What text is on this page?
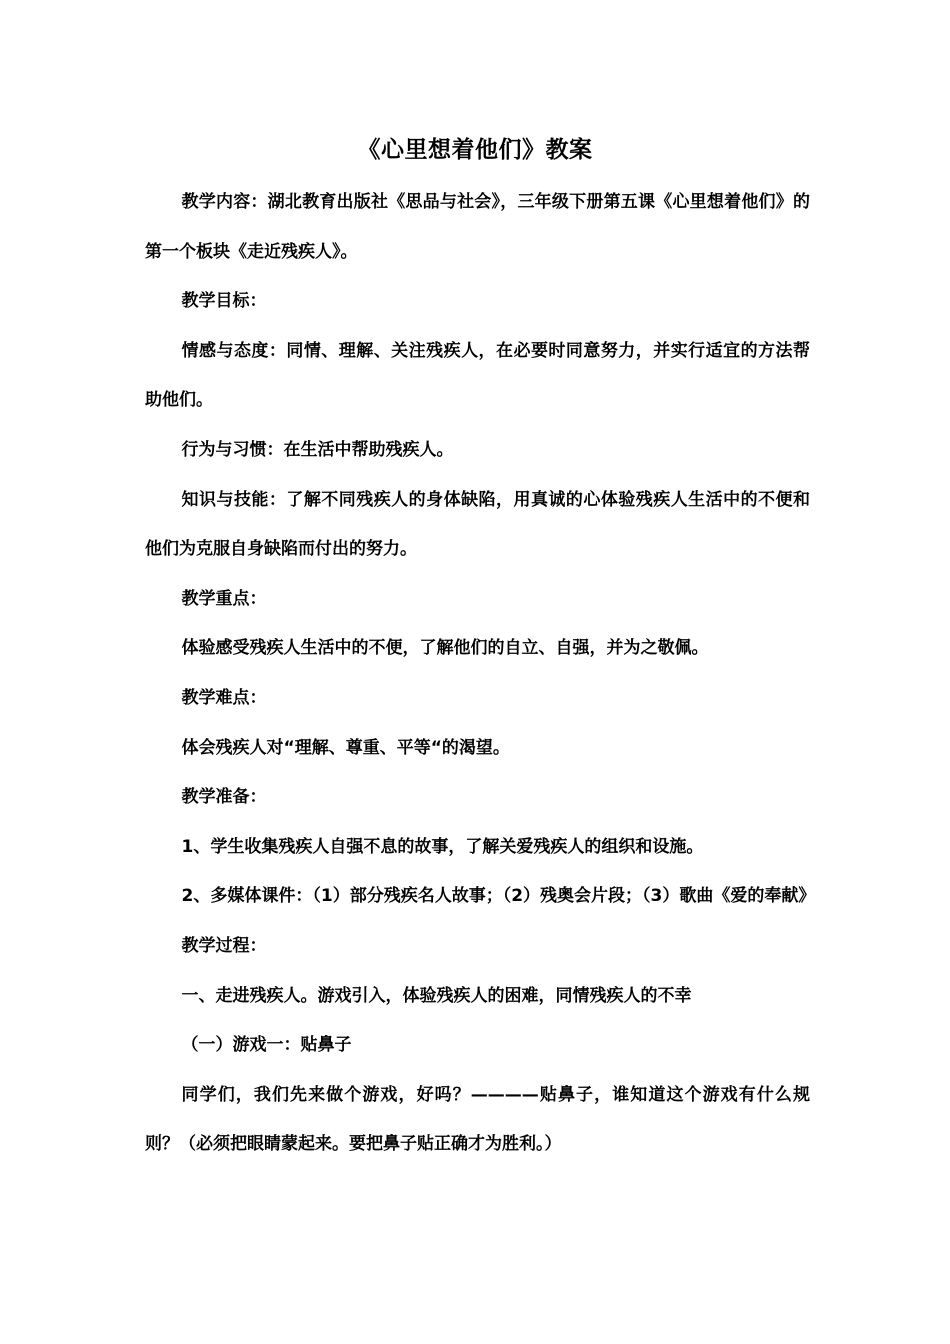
《心里想着他们》教案

教学内容：湖北教育出版社《思品与社会》，三年级下册第五课《心里想着他们》的第一个板块《走近残疾人》。

教学目标：

情感与态度：同情、理解、关注残疾人，在必要时同意努力，并实行适宜的方法帮助他们。

行为与习惯：在生活中帮助残疾人。

知识与技能：了解不同残疾人的身体缺陷，用真诚的心体验残疾人生活中的不便和他们为克服自身缺陷而付出的努力。

教学重点：

体验感受残疾人生活中的不便，了解他们的自立、自强，并为之敬佩。

教学难点：

体会残疾人对“理解、尊重、平等“的渴望。

教学准备：

1、学生收集残疾人自强不息的故事，了解关爱残疾人的组织和设施。

2、多媒体课件：（1）部分残疾名人故事；（2）残奥会片段；（3）歌曲《爱的奉献》

教学过程：

一、走进残疾人。游戏引入，体验残疾人的困难，同情残疾人的不幸

（一）游戏一：贴鼻子

同学们，我们先来做个游戏，好吗？————贴鼻子，谁知道这个游戏有什么规则？（必须把眼睛蒙起来。要把鼻子贴正确才为胜利。）
